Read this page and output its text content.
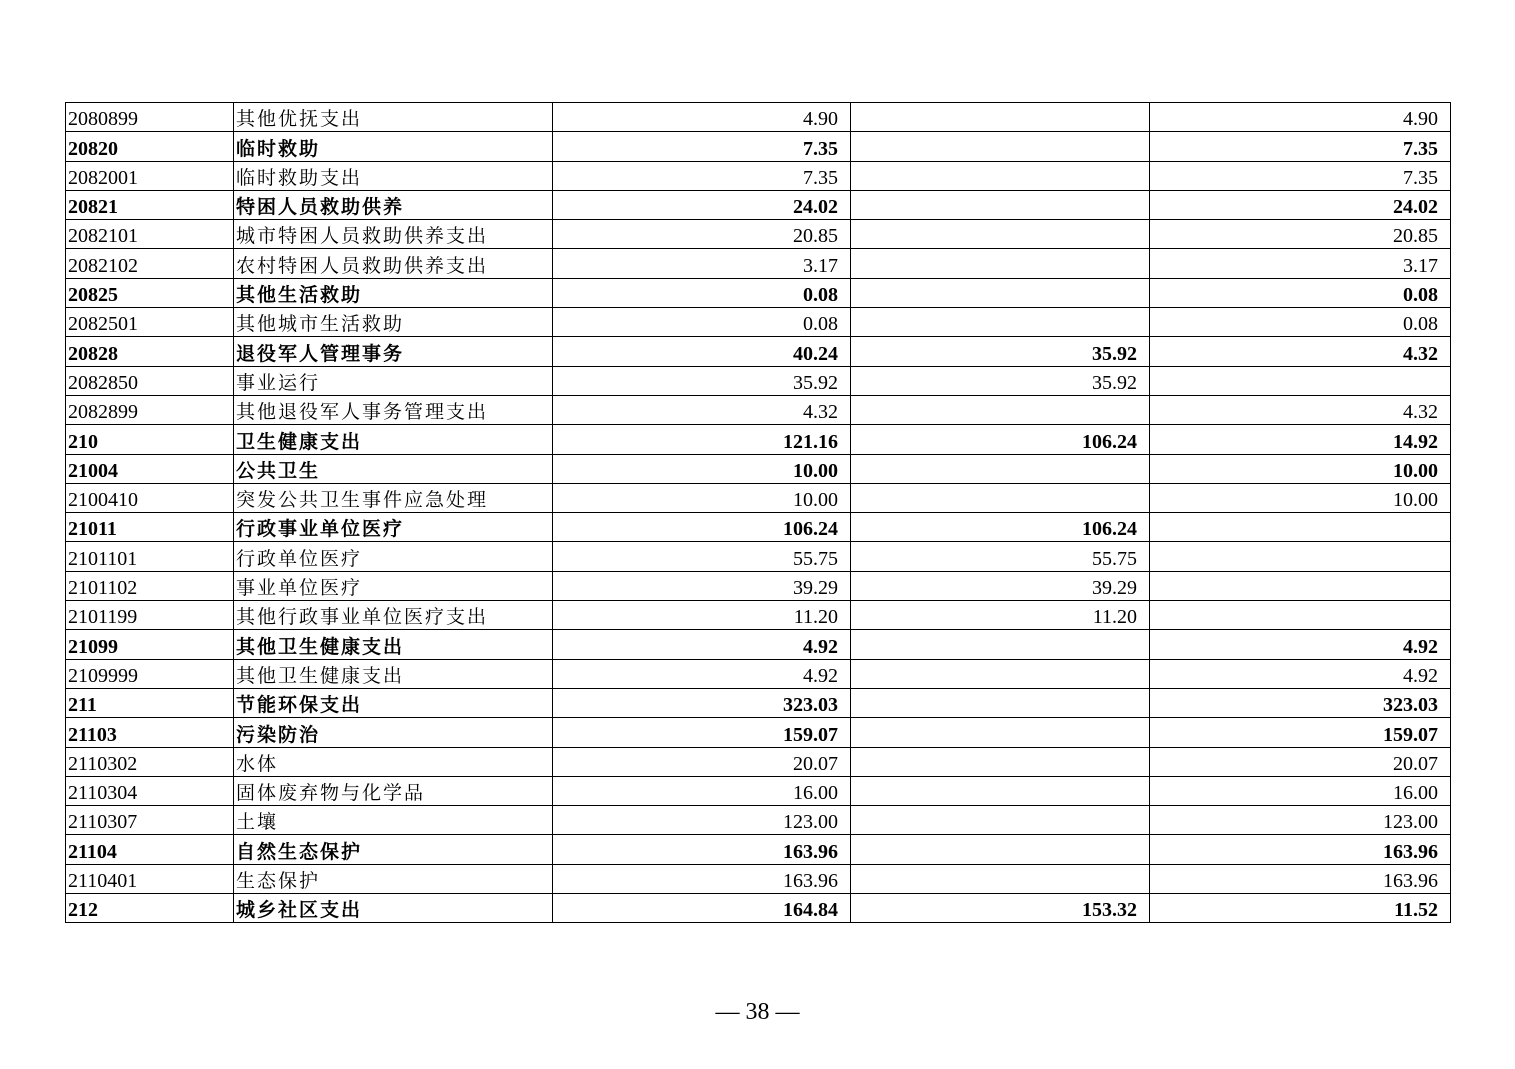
2080899	其他优抚支出	4.90		4.90
20820	临时救助	7.35		7.35
2082001	临时救助支出	7.35		7.35
20821	特困人员救助供养	24.02		24.02
2082101	城市特困人员救助供养支出	20.85		20.85
2082102	农村特困人员救助供养支出	3.17		3.17
20825	其他生活救助	0.08		0.08
2082501	其他城市生活救助	0.08		0.08
20828	退役军人管理事务	40.24	35.92	4.32
2082850	事业运行	35.92	35.92	
2082899	其他退役军人事务管理支出	4.32		4.32
210	卫生健康支出	121.16	106.24	14.92
21004	公共卫生	10.00		10.00
2100410	突发公共卫生事件应急处理	10.00		10.00
21011	行政事业单位医疗	106.24	106.24	
2101101	行政单位医疗	55.75	55.75	
2101102	事业单位医疗	39.29	39.29	
2101199	其他行政事业单位医疗支出	11.20	11.20	
21099	其他卫生健康支出	4.92		4.92
2109999	其他卫生健康支出	4.92		4.92
211	节能环保支出	323.03		323.03
21103	污染防治	159.07		159.07
2110302	水体	20.07		20.07
2110304	固体废弃物与化学品	16.00		16.00
2110307	土壤	123.00		123.00
21104	自然生态保护	163.96		163.96
2110401	生态保护	163.96		163.96
212	城乡社区支出	164.84	153.32	11.52
— 38 —
